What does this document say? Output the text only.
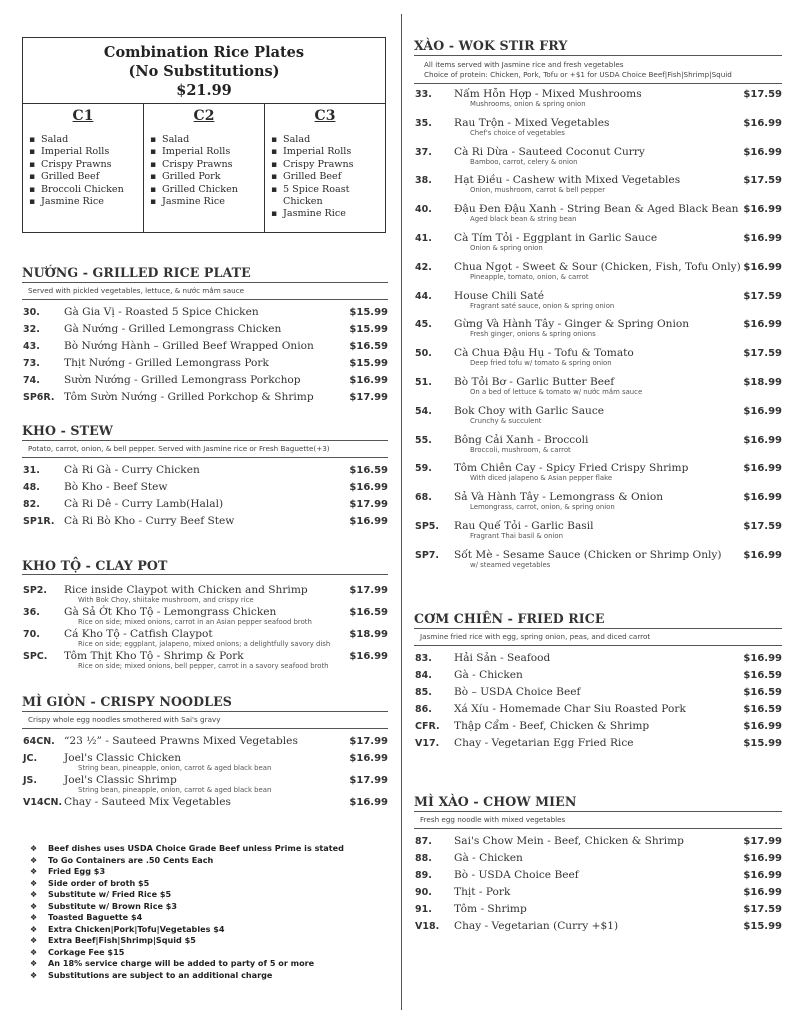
Combination Rice Plates
(No Substitutions)
$21.99
C1
▪ Salad
▪ Imperial Rolls
▪ Crispy Prawns
▪ Grilled Beef
▪ Broccoli Chicken
▪ Jasmine Rice
C2
▪ Salad
▪ Imperial Rolls
▪ Crispy Prawns
▪ Grilled Pork
▪ Grilled Chicken
▪ Jasmine Rice
C3
▪ Salad
▪ Imperial Rolls
▪ Crispy Prawns
▪ Grilled Beef
▪ 5 Spice Roast Chicken
▪ Jasmine Rice
NƯỚNG - GRILLED RICE PLATE
Served with pickled vegetables, lettuce, & nước mắm sauce
30. Gà Gia Vị - Roasted 5 Spice Chicken	$15.99
32. Gà Nướng - Grilled Lemongrass Chicken	$15.99
43. Bò Nướng Hành – Grilled Beef Wrapped Onion	$16.59
73. Thịt Nướng - Grilled Lemongrass Pork	$15.99
74. Sườn Nướng - Grilled Lemongrass Porkchop	$16.99
SP6R. Tôm Sườn Nướng - Grilled Porkchop & Shrimp	$17.99
KHO - STEW
Potato, carrot, onion, & bell pepper. Served with Jasmine rice or Fresh Baguette(+3)
31. Cà Ri Gà - Curry Chicken	$16.59
48. Bò Kho - Beef Stew	$16.99
82. Cà Ri Dê - Curry Lamb(Halal)	$17.99
SP1R. Cà Ri Bò Kho - Curry Beef Stew	$16.99
KHO TỘ - CLAY POT
SP2. Rice inside Claypot with Chicken and Shrimp	$17.99
With Bok Choy, shiitake mushroom, and crispy rice
36. Gà Sả Ớt Kho Tộ - Lemongrass Chicken	$16.59
Rice on side; mixed onions, carrot in an Asian pepper seafood broth
70. Cá Kho Tộ - Catfish Claypot	$18.99
Rice on side; eggplant, jalapeno, mixed onions; a delightfully savory dish
SPC. Tôm Thịt Kho Tộ - Shrimp & Pork	$16.99
Rice on side; mixed onions, bell pepper, carrot in a savory seafood broth
MÌ GIÒN - CRISPY NOODLES
Crispy whole egg noodles smothered with Sai's gravy
64CN. “23 ½” - Sauteed Prawns Mixed Vegetables	$17.99
JC.	Joel's Classic Chicken	$16.99
String bean, pineapple, onion, carrot & aged black bean
JS.	Joel's Classic Shrimp	$17.99
String bean, pineapple, onion, carrot & aged black bean
V14CN. Chay - Sauteed Mix Vegetables	$16.99
❖ Beef dishes uses USDA Choice Grade Beef unless Prime is stated
❖ To Go Containers are .50 Cents Each
❖ Fried Egg $3
❖ Side order of broth $5
❖ Substitute w/ Fried Rice $5
❖ Substitute w/ Brown Rice $3
❖ Toasted Baguette $4
❖ Extra Chicken|Pork|Tofu|Vegetables $4
❖ Extra Beef|Fish|Shrimp|Squid $5
❖ Corkage Fee $15
❖ An 18% service charge will be added to party of 5 or more
❖ Substitutions are subject to an additional charge
XÀO - WOK STIR FRY
All items served with Jasmine rice and fresh vegetables
Choice of protein: Chicken, Pork, Tofu or +$1 for USDA Choice Beef|Fish|Shrimp|Squid
33. Nấm Hỗn Hợp - Mixed Mushrooms	$17.59
Mushrooms, onion & spring onion
35. Rau Trộn - Mixed Vegetables	$16.99
Chef's choice of vegetables
37. Cà Ri Dừa - Sauteed Coconut Curry	$16.99
Bamboo, carrot, celery & onion
38. Hạt Điều - Cashew with Mixed Vegetables	$17.59
Onion, mushroom, carrot & bell pepper
40. Đậu Đen Đậu Xanh - String Bean & Aged Black Bean $16.99
Aged black bean & string bean
41. Cà Tím Tỏi - Eggplant in Garlic Sauce	$16.99
Onion & spring onion
42. Chua Ngọt - Sweet & Sour (Chicken, Fish, Tofu Only) $16.99
Pineapple, tomato, onion, & carrot
44. House Chili Saté	$17.59
Fragrant saté sauce, onion & spring onion
45. Gừng Và Hành Tây - Ginger & Spring Onion	$16.99
Fresh ginger, onions & spring onions
50. Cà Chua Đậu Hụ - Tofu & Tomato	$17.59
Deep fried tofu w/ tomato & spring onion
51. Bò Tỏi Bơ - Garlic Butter Beef	$18.99
On a bed of lettuce & tomato w/ nước mắm sauce
54. Bok Choy with Garlic Sauce	$16.99
Crunchy & succulent
55. Bông Cải Xanh - Broccoli	$16.99
Broccoli, mushroom, & carrot
59. Tôm Chiên Cay - Spicy Fried Crispy Shrimp	$16.99
With diced jalapeno & Asian pepper flake
68. Sả Và Hành Tây - Lemongrass & Onion	$16.99
Lemongrass, carrot, onion, & spring onion
SP5. Rau Quế Tỏi - Garlic Basil	$17.59
Fragrant Thai basil & onion
SP7. Sốt Mè - Sesame Sauce (Chicken or Shrimp Only) $16.99
w/ steamed vegetables
CƠM CHIÊN - FRIED RICE
Jasmine fried rice with egg, spring onion, peas, and diced carrot
83. Hải Sản - Seafood	$16.99
84. Gà - Chicken	$16.59
85. Bò – USDA Choice Beef	$16.59
86. Xá Xíu - Homemade Char Siu Roasted Pork	$16.59
CFR. Thập Cẩm - Beef, Chicken & Shrimp	$16.99
V17. Chay - Vegetarian Egg Fried Rice	$15.99
MÌ XÀO - CHOW MIEN
Fresh egg noodle with mixed vegetables
87. Sai's Chow Mein - Beef, Chicken & Shrimp	$17.99
88. Gà - Chicken	$16.99
89. Bò - USDA Choice Beef	$16.99
90. Thịt - Pork	$16.99
91. Tôm - Shrimp	$17.59
V18. Chay - Vegetarian (Curry +$1)	$15.99
